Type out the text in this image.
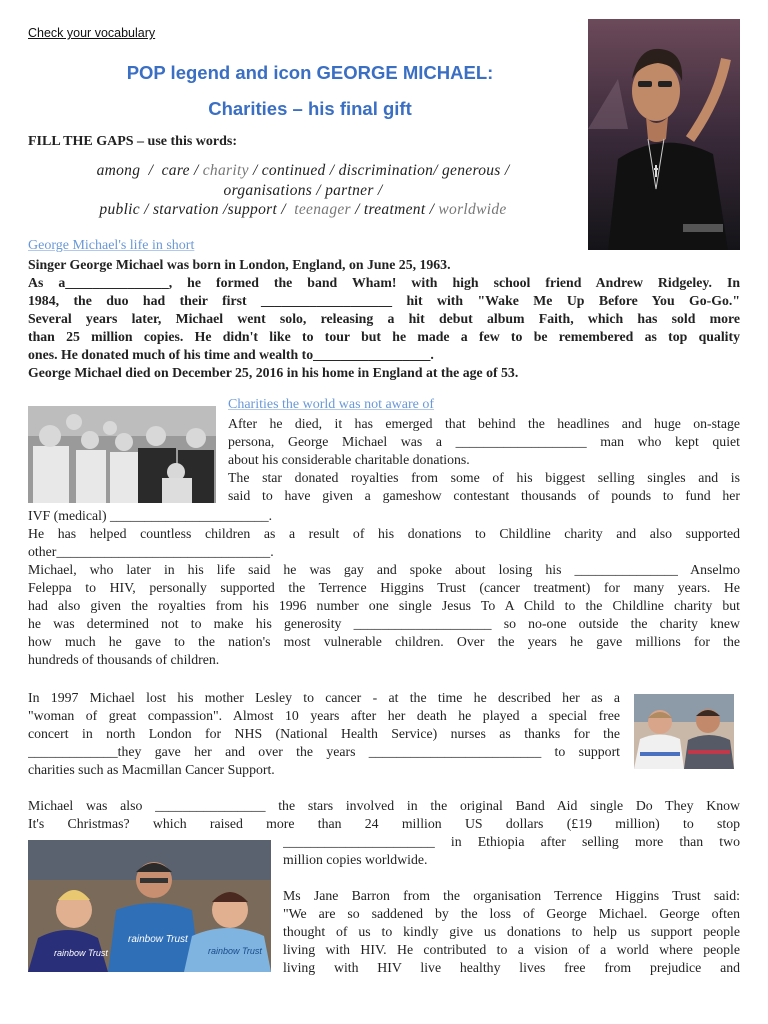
Check your vocabulary
POP legend and icon GEORGE MICHAEL:
Charities – his final gift
FILL THE GAPS – use this words:
among / care / charity / continued / discrimination/ generous /
organisations / partner /
public / starvation /support / teenager / treatment / worldwide
George Michael's life in short
Singer George Michael was born in London, England, on June 25, 1963.
As a_______________, he formed the band Wham! with high school friend Andrew Ridgeley. In
1984, the duo had their first ___________________ hit with "Wake Me Up Before You Go-Go."
Several years later, Michael went solo, releasing a hit debut album Faith, which has sold more
than 25 million copies. He didn't like to tour but he made a few to be remembered as top quality
ones. He donated much of his time and wealth to_________________.
George Michael died on December 25, 2016 in his home in England at the age of 53.
Charities the world was not aware of
After he died, it has emerged that behind the headlines and huge on-stage
persona, George Michael was a ___________________ man who kept quiet
about his considerable charitable donations.
The star donated royalties from some of his biggest selling singles and is
said to have given a gameshow contestant thousands of pounds to fund her
IVF (medical) _______________________.
He has helped countless children as a result of his donations to Childline charity and also supported
other_______________________________.
Michael, who later in his life said he was gay and spoke about losing his _______________ Anselmo
Feleppa to HIV, personally supported the Terrence Higgins Trust (cancer treatment) for many years. He
had also given the royalties from his 1996 number one single Jesus To A Child to the Childline charity but
he was determined not to make his generosity ____________________ so no-one outside the charity knew
how much he gave to the nation's most vulnerable children. Over the years he gave millions for the
hundreds of thousands of children.
In 1997 Michael lost his mother Lesley to cancer - at the time he described her as a
"woman of great compassion". Almost 10 years after her death he played a special free
concert in north London for NHS (National Health Service) nurses as thanks for the
_____________they gave her and over the years _________________________ to support
charities such as Macmillan Cancer Support.
Michael was also ________________ the stars involved in the original Band Aid single Do They Know
It's Christmas? which raised more than 24 million US dollars (£19 million) to stop
rainbow Trust
rainbow Trust
rainbow Trust
______________________ in Ethiopia after selling more than two
million copies worldwide.
Ms Jane Barron from the organisation Terrence Higgins Trust said:
"We are so saddened by the loss of George Michael. George often
thought of us to kindly give us donations to help us support people
living with HIV. He contributed to a vision of a world where people
living with HIV live healthy lives free from prejudice and
